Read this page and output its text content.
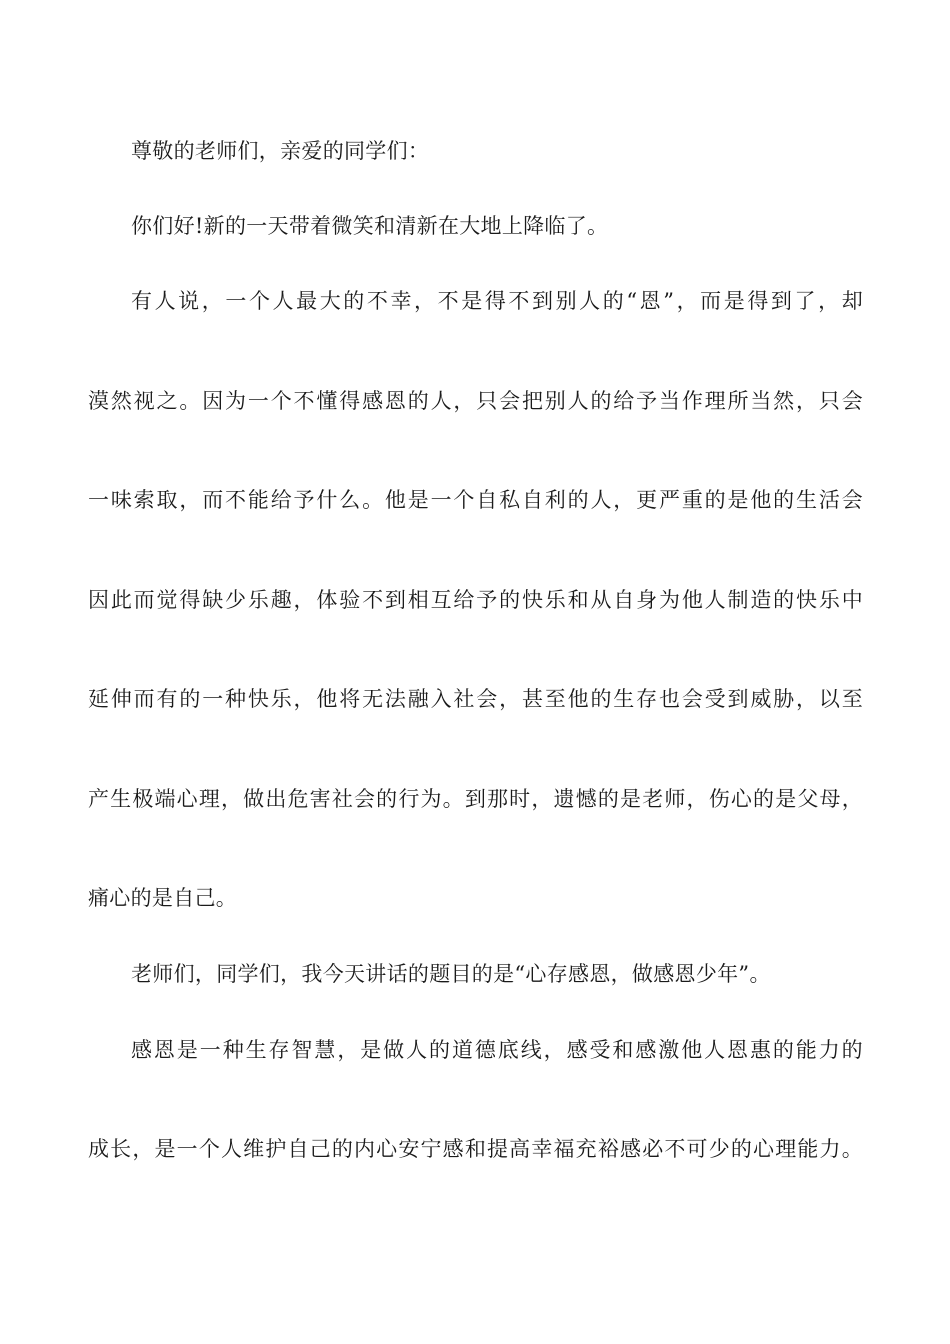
尊敬的老师们，亲爱的同学们：
你们好!新的一天带着微笑和清新在大地上降临了。
有人说，一个人最大的不幸，不是得不到别人的“恩”，而是得到了，却
漠然视之。因为一个不懂得感恩的人，只会把别人的给予当作理所当然，只会
一味索取，而不能给予什么。他是一个自私自利的人，更严重的是他的生活会
因此而觉得缺少乐趣，体验不到相互给予的快乐和从自身为他人制造的快乐中
延伸而有的一种快乐，他将无法融入社会，甚至他的生存也会受到威胁，以至
产生极端心理，做出危害社会的行为。到那时，遗憾的是老师，伤心的是父母，
痛心的是自己。
老师们，同学们，我今天讲话的题目的是“心存感恩，做感恩少年”。
感恩是一种生存智慧，是做人的道德底线，感受和感激他人恩惠的能力的
成长，是一个人维护自己的内心安宁感和提高幸福充裕感必不可少的心理能力。
